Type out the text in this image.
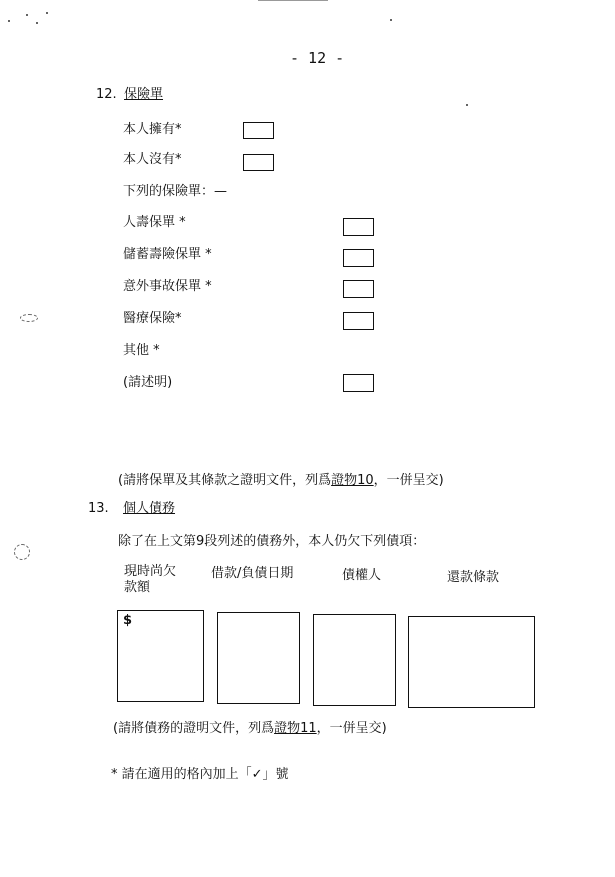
- 12 -
12. 保險單
本人擁有*
本人沒有*
下列的保險單：—
人壽保單 *
儲蓄壽險保單 *
意外事故保單 *
醫療保險*
其他 *
(請述明)
(請將保單及其條款之證明文件，列爲證物10，一併呈交)
13. 個人債務
除了在上文第9段列述的債務外，本人仍欠下列債項：
現時尚欠
款額
借款/負債日期	債權人	還款條款
$
(請將債務的證明文件，列爲證物11，一併呈交)
* 請在適用的格內加上「✓」號
